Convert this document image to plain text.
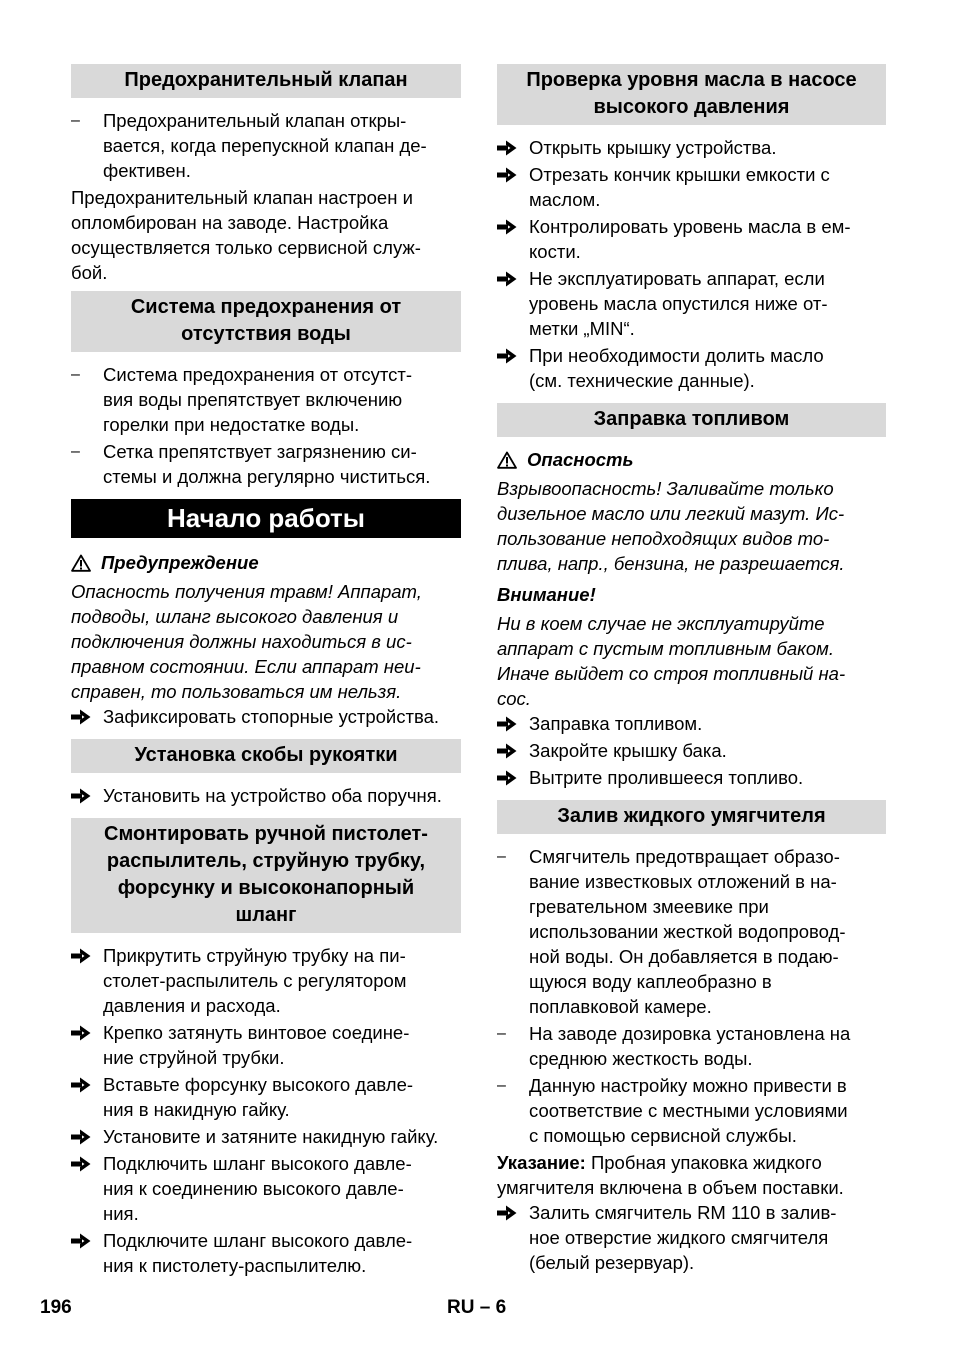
Предохранительный клапан
–	Предохранительный клапан откры-
вается, когда перепускной клапан де-
фективен.
Предохранительный клапан настроен и
опломбирован на заводе. Настройка
осуществляется только сервисной служ-
бой.
Система предохранения от
отсутствия воды
–	Система предохранения от отсутст-
вия воды препятствует включению
горелки при недостатке воды.
–	Сетка препятствует загрязнению си-
стемы и должна регулярно чиститься.
Начало работы
Предупреждение
Опасность получения травм! Аппарат,
подводы, шланг высокого давления и
подключения должны находиться в ис-
правном состоянии. Если аппарат неи-
справен, то пользоваться им нельзя.
Зафиксировать стопорные устройства.
Установка скобы рукоятки
Установить на устройство оба поручня.
Смонтировать ручной пистолет-
распылитель, струйную трубку,
форсунку и высоконапорный
шланг
Прикрутить струйную трубку на пи-
столет-распылитель с регулятором
давления и расхода.
Крепко затянуть винтовое соедине-
ние струйной трубки.
Вставьте форсунку высокого давле-
ния в накидную гайку.
Установите и затяните накидную гайку.
Подключить шланг высокого давле-
ния к соединению высокого давле-
ния.
Подключите шланг высокого давле-
ния к пистолету-распылителю.
Проверка уровня масла в насосе
высокого давления
Открыть крышку устройства.
Отрезать кончик крышки емкости с
маслом.
Контролировать уровень масла в ем-
кости.
Не эксплуатировать аппарат, если
уровень масла опустился ниже от-
метки „MIN“.
При необходимости долить масло
(см. технические данные).
Заправка топливом
Опасность
Взрывоопасность! Заливайте только
дизельное масло или легкий мазут. Ис-
пользование неподходящих видов то-
плива, напр., бензина, не разрешается.
Внимание!
Ни в коем случае не эксплуатируйте
аппарат с пустым топливным баком.
Иначе выйдет со строя топливный на-
сос.
Заправка топливом.
Закройте крышку бака.
Вытрите пролившееся топливо.
Залив жидкого умягчителя
–	Смягчитель предотвращает образо-
вание известковых отложений в на-
гревательном змеевике при
использовании жесткой водопровод-
ной воды. Он добавляется в подаю-
щуюся воду каплеобразно в
поплавковой камере.
–	На заводе дозировка установлена на
среднюю жесткость воды.
–	Данную настройку можно привести в
соответствие с местными условиями
с помощью сервисной службы.
Указание: Пробная упаковка жидкого
умягчителя включена в объем поставки.
Залить смягчитель RM 110 в залив-
ное отверстие жидкого смягчителя
(белый резервуар).
196	RU – 6
